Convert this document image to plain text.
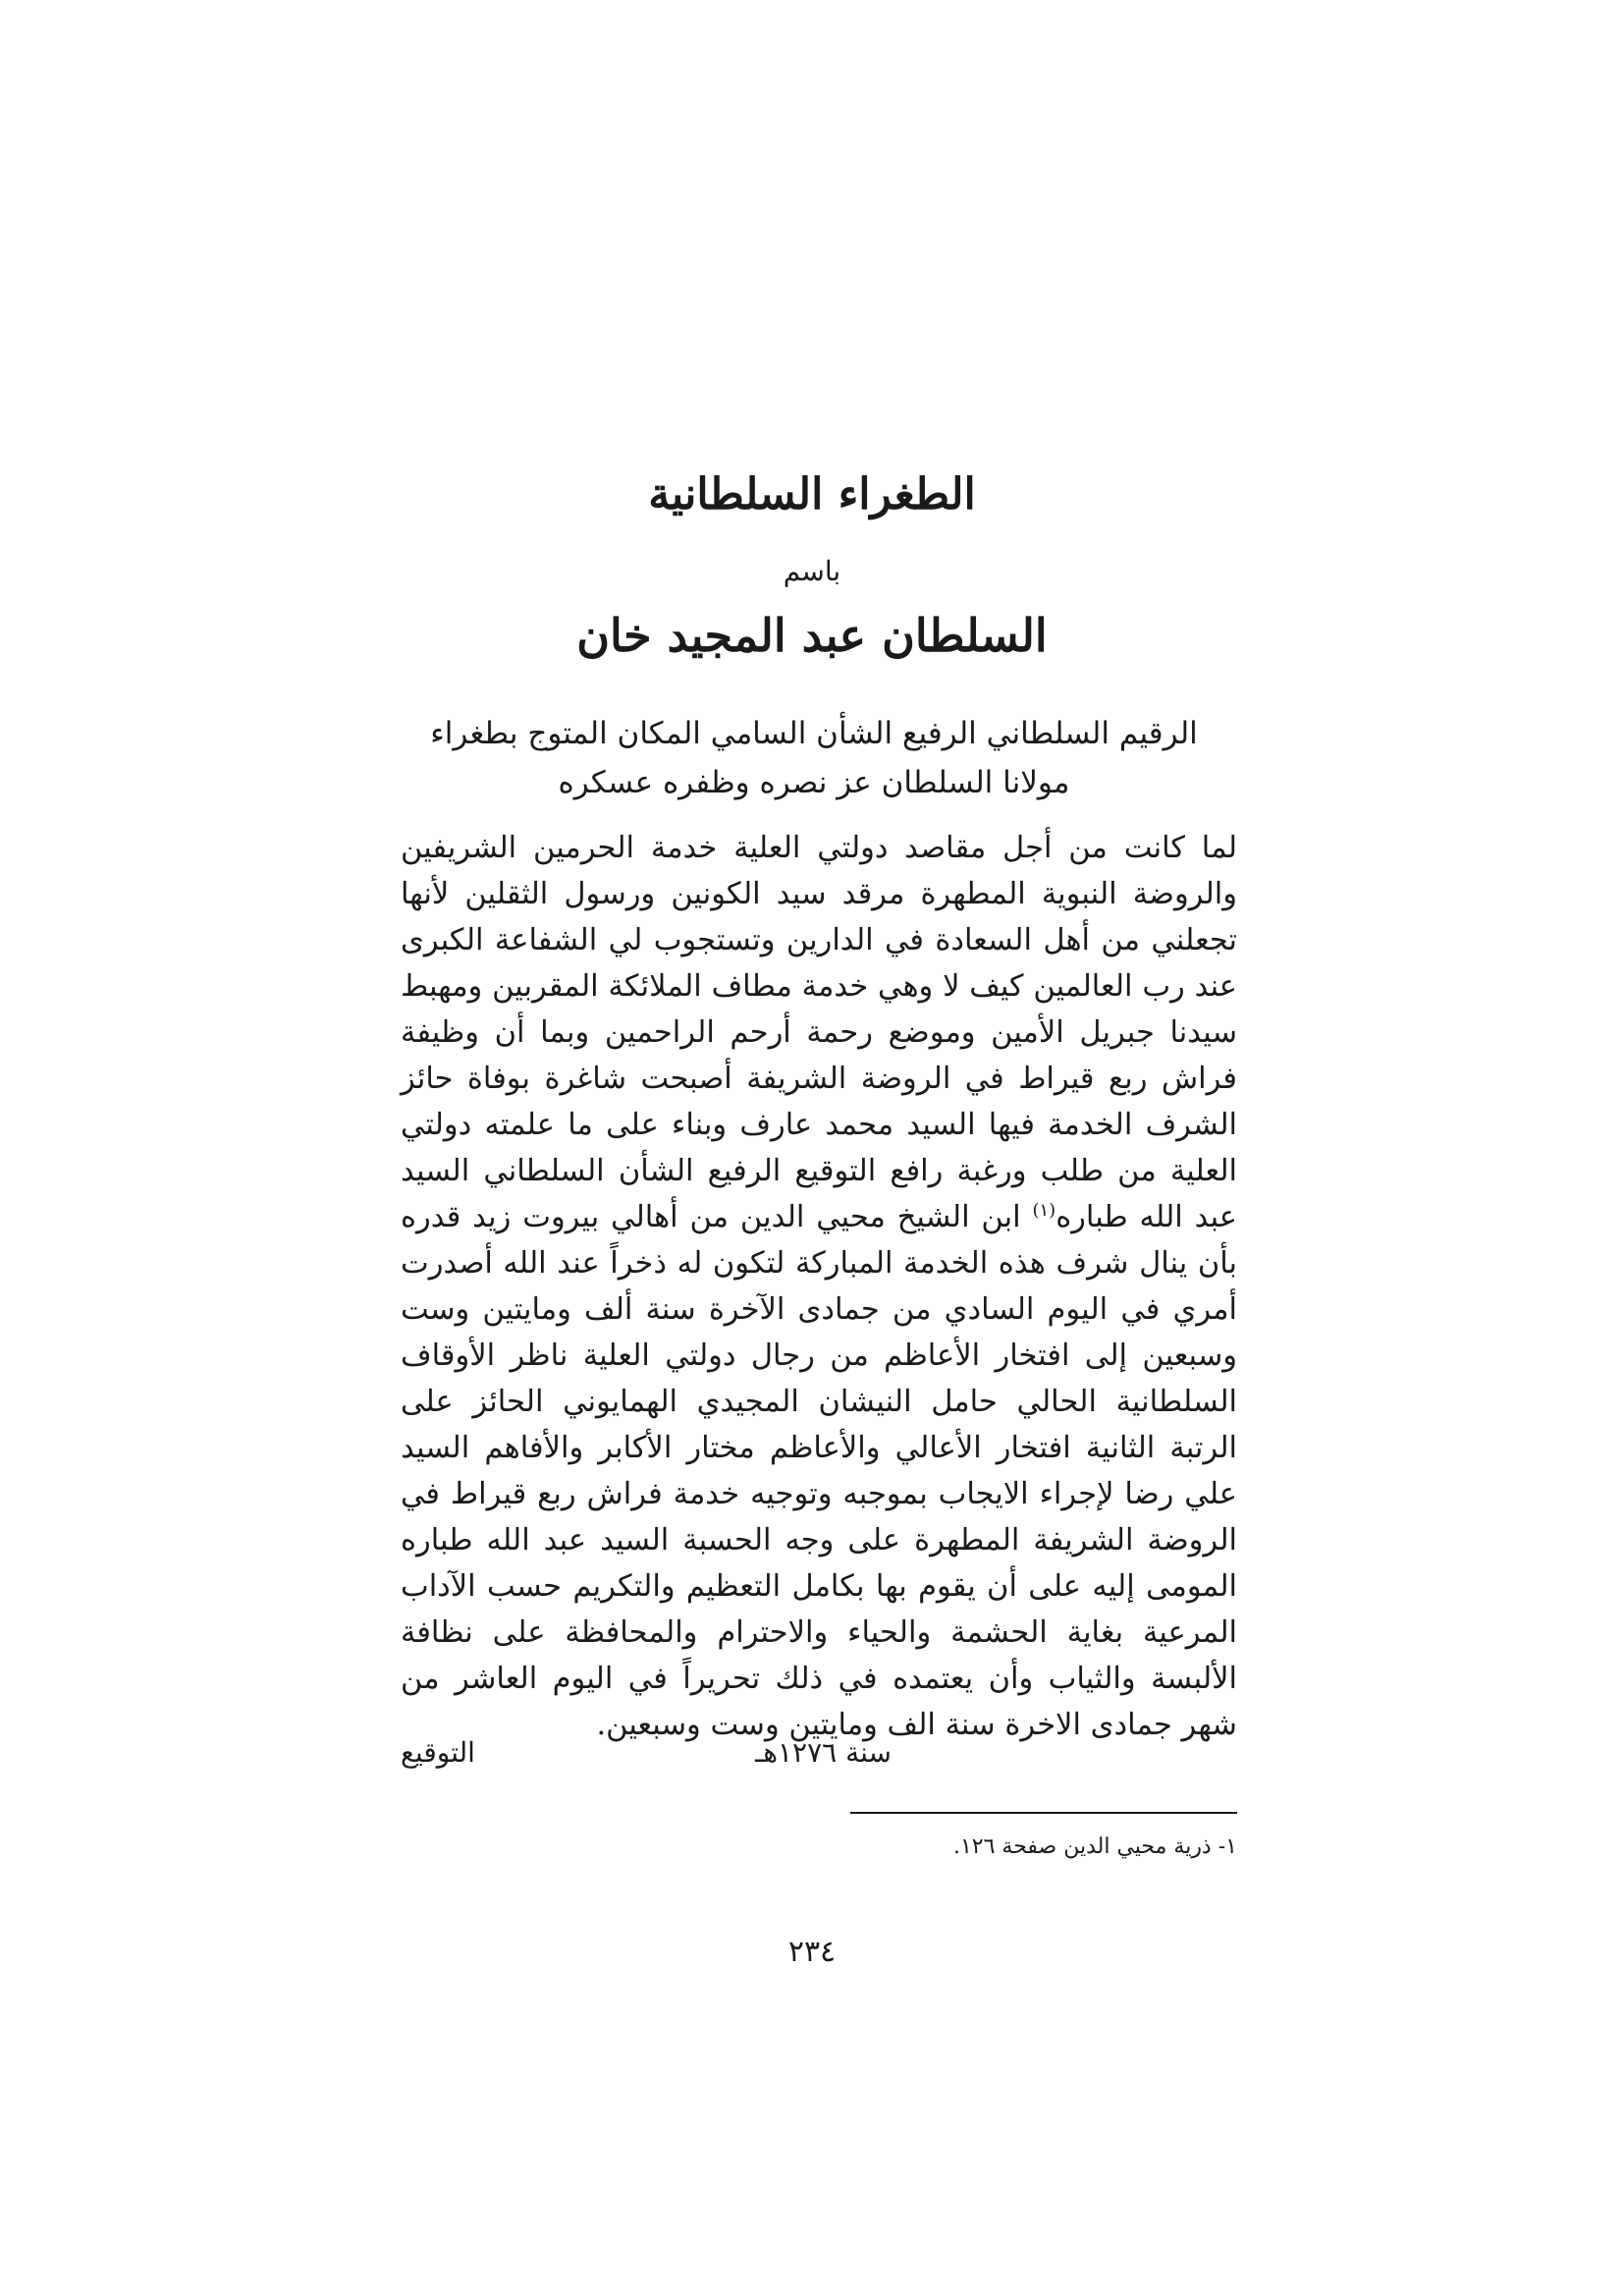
الطغراء السلطانية

باسم

السلطان عبد المجيد خان

الرقيم السلطاني الرفيع الشأن السامي المكان المتوج بطغراء مولانا السلطان عز نصره وظفره عسكره

لما كانت من أجل مقاصد دولتي العلية خدمة الحرمين الشريفين والروضة النبوية المطهرة مرقد سيد الكونين ورسول الثقلين لأنها تجعلني من أهل السعادة في الدارين وتستجوب لي الشفاعة الكبرى عند رب العالمين كيف لا وهي خدمة مطاف الملائكة المقربين ومهبط سيدنا جبريل الأمين وموضع رحمة أرحم الراحمين وبما أن وظيفة فراش ربع قيراط في الروضة الشريفة أصبحت شاغرة بوفاة حائز الشرف الخدمة فيها السيد محمد عارف وبناء على ما علمته دولتي العلية من طلب ورغبة رافع التوقيع الرفيع الشأن السلطاني السيد عبد الله طباره$^{(١)}$ ابن الشيخ محيي الدين من أهالي بيروت زيد قدره بأن ينال شرف هذه الخدمة المباركة لتكون له ذخراً عند الله أصدرت أمري في اليوم السادي من جمادى الآخرة سنة ألف ومايتين وست وسبعين إلى افتخار الأعاظم من رجال دولتي العلية ناظر الأوقاف السلطانية الحالي حامل النيشان المجيدي الهمايوني الحائز على الرتبة الثانية افتخار الأعالي والأعاظم مختار الأكابر والأفاهم السيد علي رضا لإجراء الايجاب بموجبه وتوجيه خدمة فراش ربع قيراط في الروضة الشريفة المطهرة على وجه الحسبة السيد عبد الله طباره المومى إليه على أن يقوم بها بكامل التعظيم والتكريم حسب الآداب المرعية بغاية الحشمة والحياء والاحترام والمحافظة على نظافة الألبسة والثياب وأن يعتمده في ذلك تحريراً في اليوم العاشر من شهر جمادى الاخرة سنة الف ومايتين وست وسبعين.

سنة ١٢٧٦هـ
التوقيع

١- ذرية محيي الدين صفحة ١٢٦.

٢٣٤
